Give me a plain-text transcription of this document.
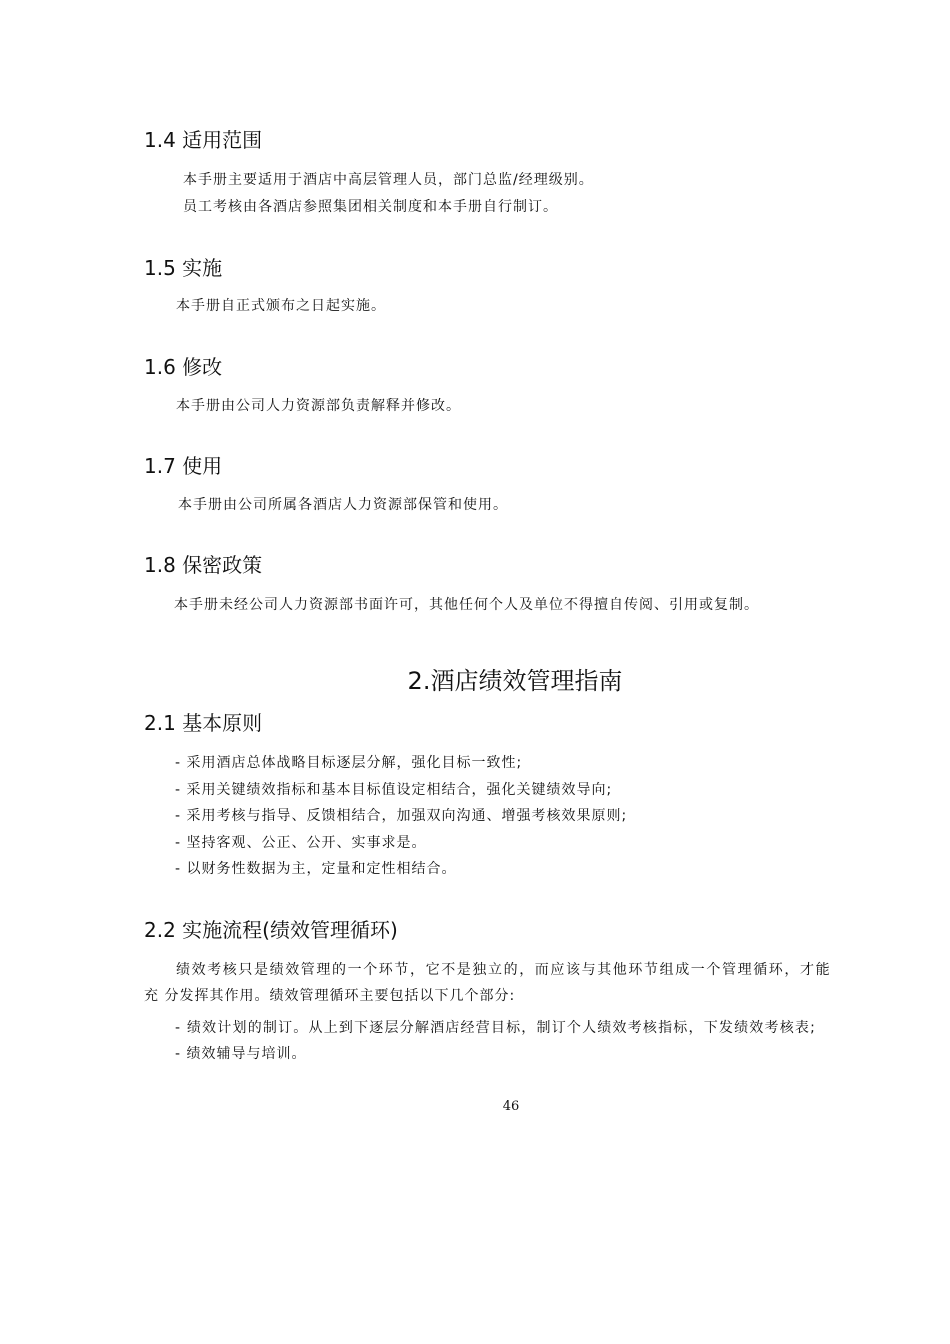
1.4 适用范围
本手册主要适用于酒店中高层管理人员，部门总监/经理级别。
员工考核由各酒店参照集团相关制度和本手册自行制订。
1.5 实施
本手册自正式颁布之日起实施。
1.6 修改
本手册由公司人力资源部负责解释并修改。
1.7 使用
本手册由公司所属各酒店人力资源部保管和使用。
1.8 保密政策
本手册未经公司人力资源部书面许可，其他任何个人及单位不得擅自传阅、引用或复制。
2.酒店绩效管理指南
2.1 基本原则
- 采用酒店总体战略目标逐层分解，强化目标一致性;
- 采用关键绩效指标和基本目标值设定相结合，强化关键绩效导向;
- 采用考核与指导、反馈相结合，加强双向沟通、增强考核效果原则;
- 坚持客观、公正、公开、实事求是。
- 以财务性数据为主，定量和定性相结合。
2.2 实施流程(绩效管理循环)
绩效考核只是绩效管理的一个环节，它不是独立的，而应该与其他环节组成一个管理循环，才能
充 分发挥其作用。绩效管理循环主要包括以下几个部分:
- 绩效计划的制订。从上到下逐层分解酒店经营目标，制订个人绩效考核指标，下发绩效考核表;
- 绩效辅导与培训。
46
